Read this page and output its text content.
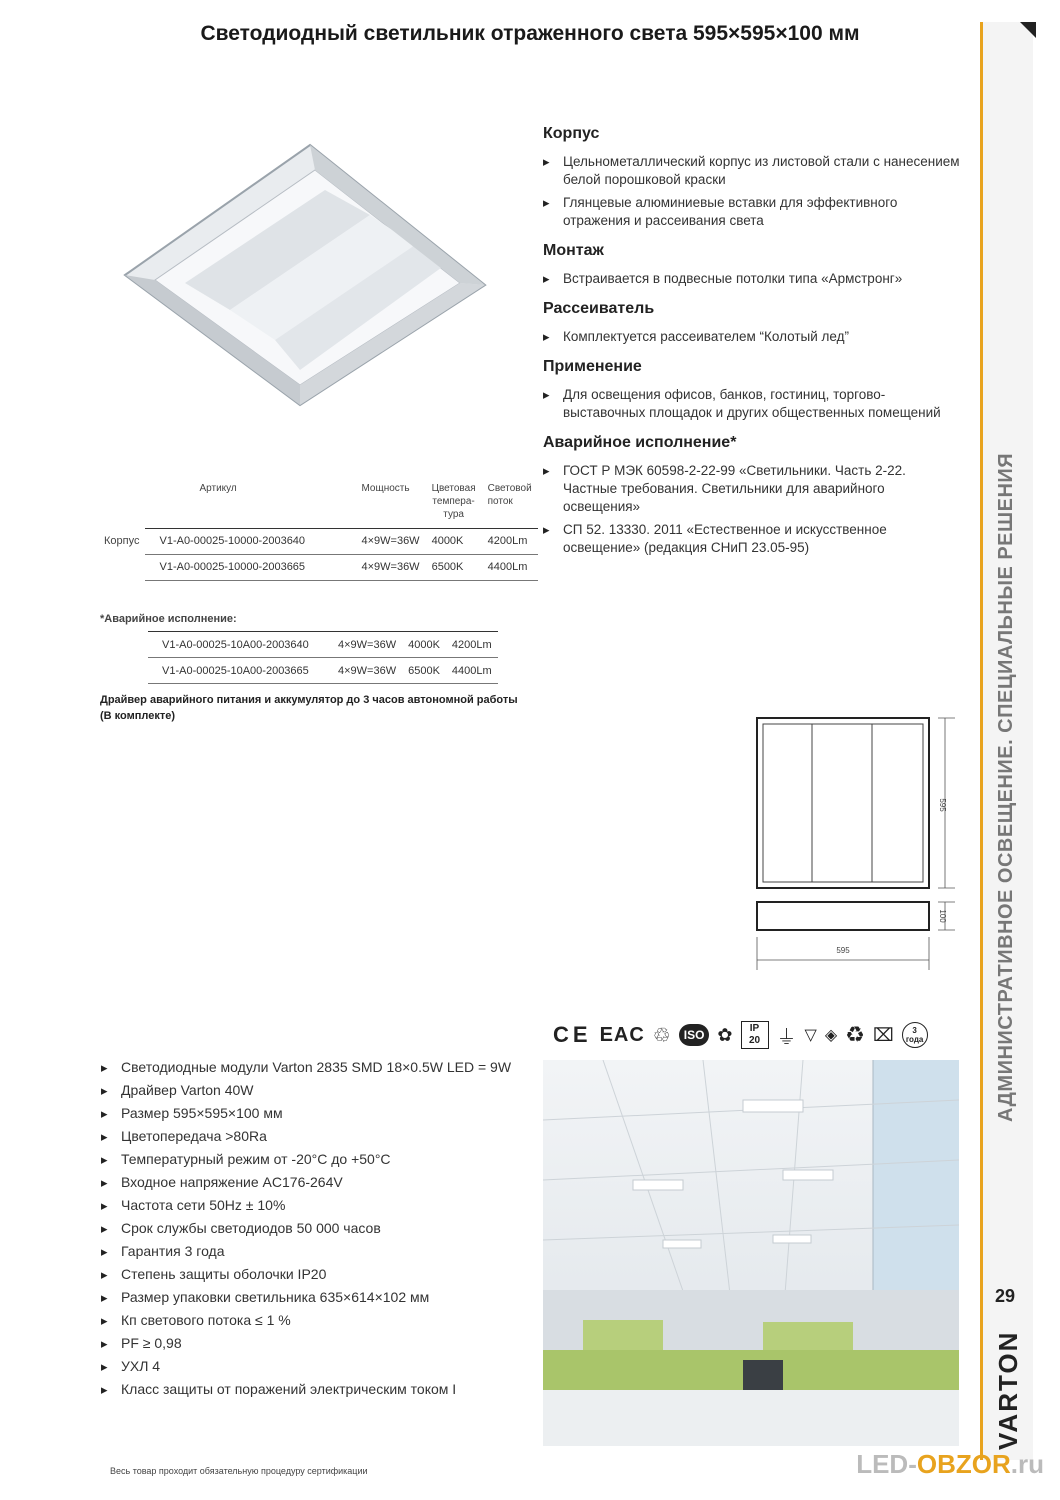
Светодиодный светильник отраженного света 595×595×100 мм
Корпус

▸ Цельнометаллический корпус из листовой стали с нанесением белой порошковой краски

▸ Глянцевые алюминиевые вставки для эффективного отражения и рассеивания света

Монтаж

▸ Встраивается в подвесные потолки типа «Армстронг»

Рассеиватель

▸ Комплектуется рассеивателем “Колотый лед”

Применение

▸ Для освещения офисов, банков, гостиниц, торгово-выставочных площадок и других общественных помещений

Аварийное исполнение*

▸ ГОСТ Р МЭК 60598-2-22-99 «Светильники. Часть 2-22. Частные требования. Светильники для аварийного освещения»

▸ СП 52. 13330. 2011 «Естественное и искусственное освещение» (редакция СНиП 23.05-95)

	Артикул	Мощность	Цветовая темпера-тура	Световой поток
Корпус	V1-A0-00025-10000-2003640	4×9W=36W	4000K	4200Lm
	V1-A0-00025-10000-2003665	4×9W=36W	6500K	4400Lm
*Аварийное исполнение:
	V1-A0-00025-10A00-2003640	4×9W=36W	4000K	4200Lm
	V1-A0-00025-10A00-2003665	4×9W=36W	6500K	4400Lm
Драйвер аварийного питания и аккумулятор до 3 часов автономной работы (В комплекте)
595
100
595
CE EAC ♲	ISO ✿	IP 20 ⏚ ▽ ◈ ♻ ⌧	3 года

▸ Светодиодные модули Varton 2835 SMD 18×0.5W LED = 9W

▸ Драйвер Varton 40W

▸ Размер 595×595×100 мм

▸ Цветопередача >80Ra

▸ Температурный режим от -20°С до +50°С

▸ Входное напряжение AC176-264V

▸ Частота сети 50Hz ± 10%

▸ Срок службы светодиодов 50 000 часов

▸ Гарантия 3 года

▸ Степень защиты оболочки IP20

▸ Размер упаковки светильника 635×614×102 мм

▸ Кп светового потока ≤ 1 %

▸ PF ≥ 0,98

▸ УХЛ 4

▸ Класс защиты от поражений электрическим током I

Весь товар проходит обязательную процедуру сертификации
АДМИНИСТРАТИВНОЕ ОСВЕЩЕНИЕ. СПЕЦИАЛЬНЫЕ РЕШЕНИЯ
29
VARTON
LED-OBZOR.ru
